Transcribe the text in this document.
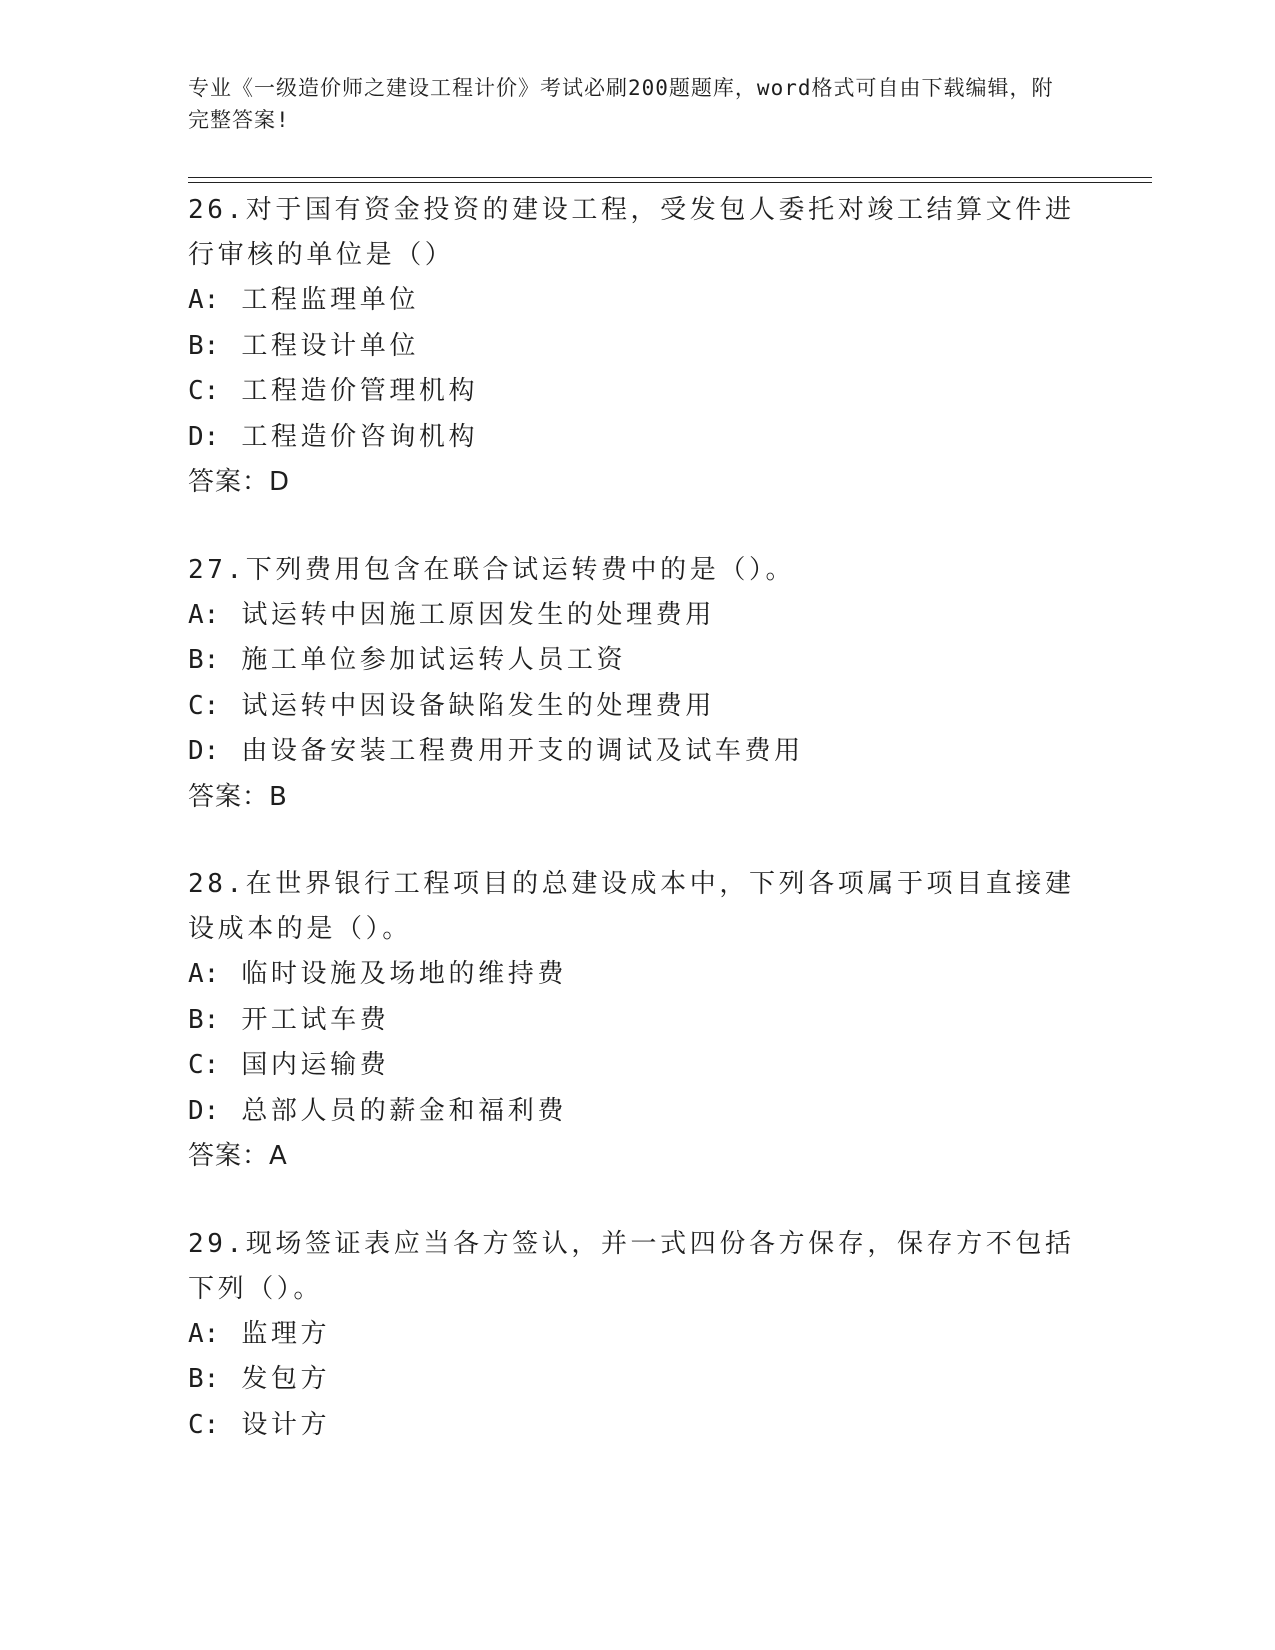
专业《一级造价师之建设工程计价》考试必刷200题题库，word格式可自由下载编辑，附完整答案!

26.对于国有资金投资的建设工程，受发包人委托对竣工结算文件进行审核的单位是（）

A: 工程监理单位

B: 工程设计单位

C: 工程造价管理机构

D: 工程造价咨询机构

答案：D

27.下列费用包含在联合试运转费中的是（）。

A: 试运转中因施工原因发生的处理费用

B: 施工单位参加试运转人员工资

C: 试运转中因设备缺陷发生的处理费用

D: 由设备安装工程费用开支的调试及试车费用

答案：B

28.在世界银行工程项目的总建设成本中，下列各项属于项目直接建设成本的是（）。

A: 临时设施及场地的维持费

B: 开工试车费

C: 国内运输费

D: 总部人员的薪金和福利费

答案：A

29.现场签证表应当各方签认，并一式四份各方保存，保存方不包括下列（）。

A: 监理方

B: 发包方

C: 设计方
